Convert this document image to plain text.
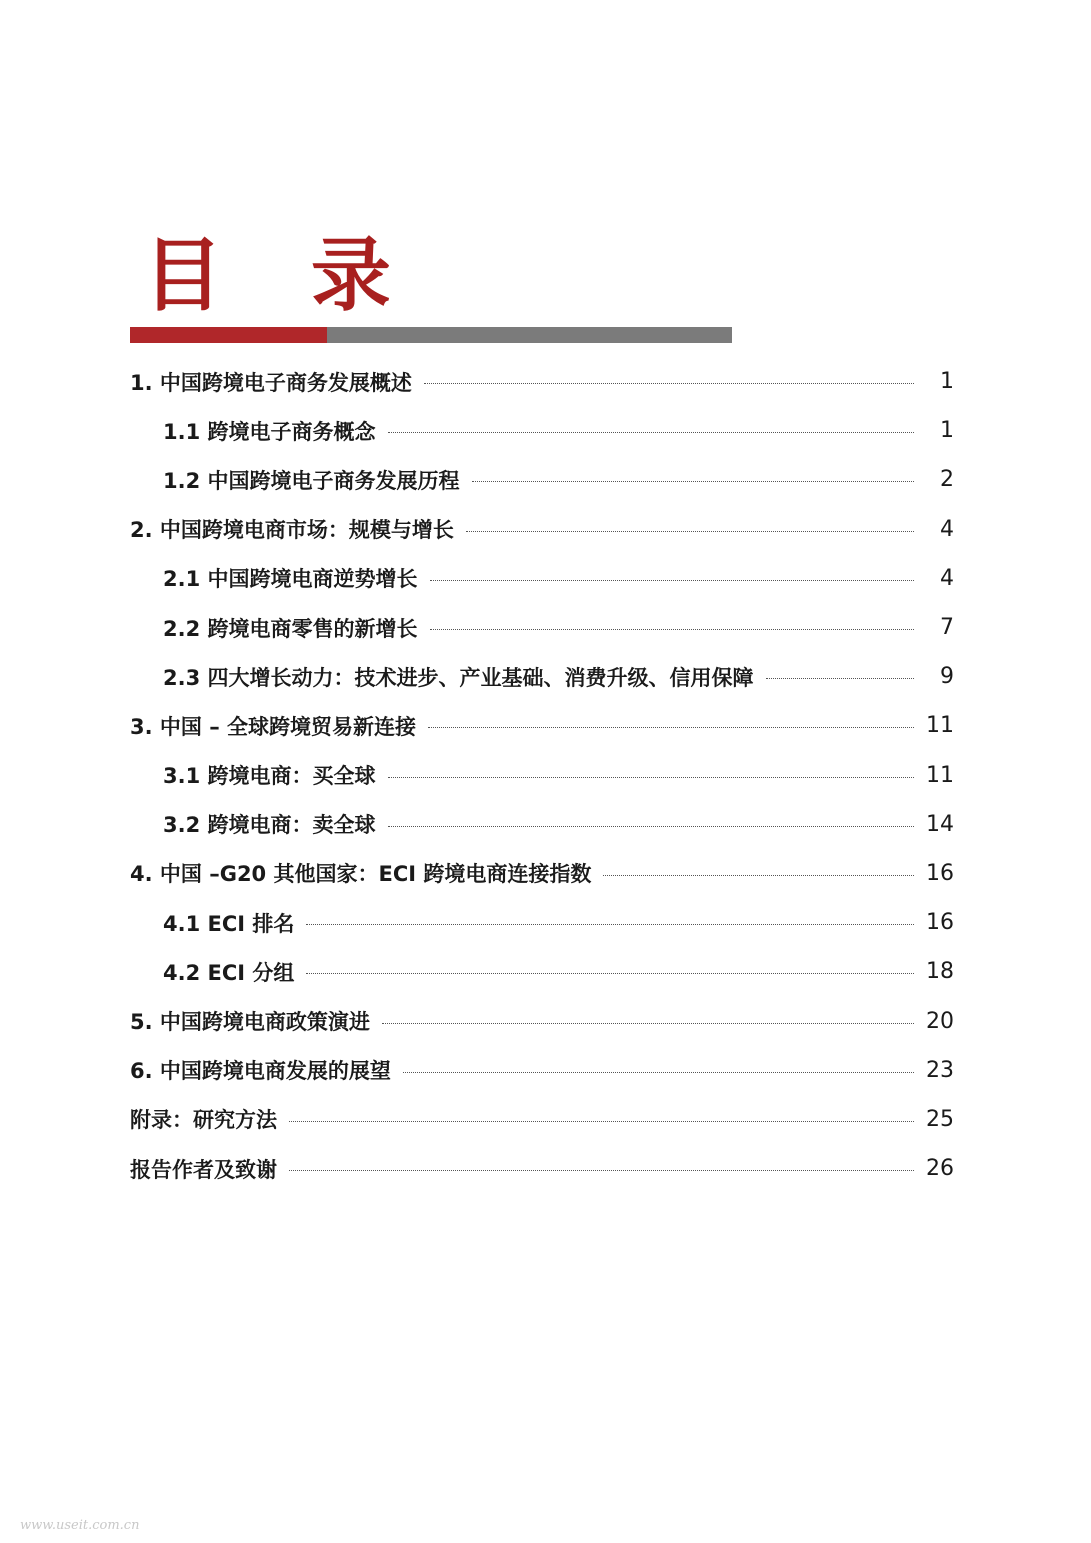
目 录
1. 中国跨境电子商务发展概述	1
1.1 跨境电子商务概念	1
1.2 中国跨境电子商务发展历程	2
2. 中国跨境电商市场：规模与增长	4
2.1 中国跨境电商逆势增长	4
2.2 跨境电商零售的新增长	7
2.3 四大增长动力：技术进步、产业基础、消费升级、信用保障	9
3. 中国 – 全球跨境贸易新连接	11
3.1 跨境电商：买全球	11
3.2 跨境电商：卖全球	14
4. 中国 –G20 其他国家：ECI 跨境电商连接指数	16
4.1 ECI 排名	16
4.2 ECI 分组	18
5. 中国跨境电商政策演进	20
6. 中国跨境电商发展的展望	23
附录：研究方法	25
报告作者及致谢	26
www.useit.com.cn
